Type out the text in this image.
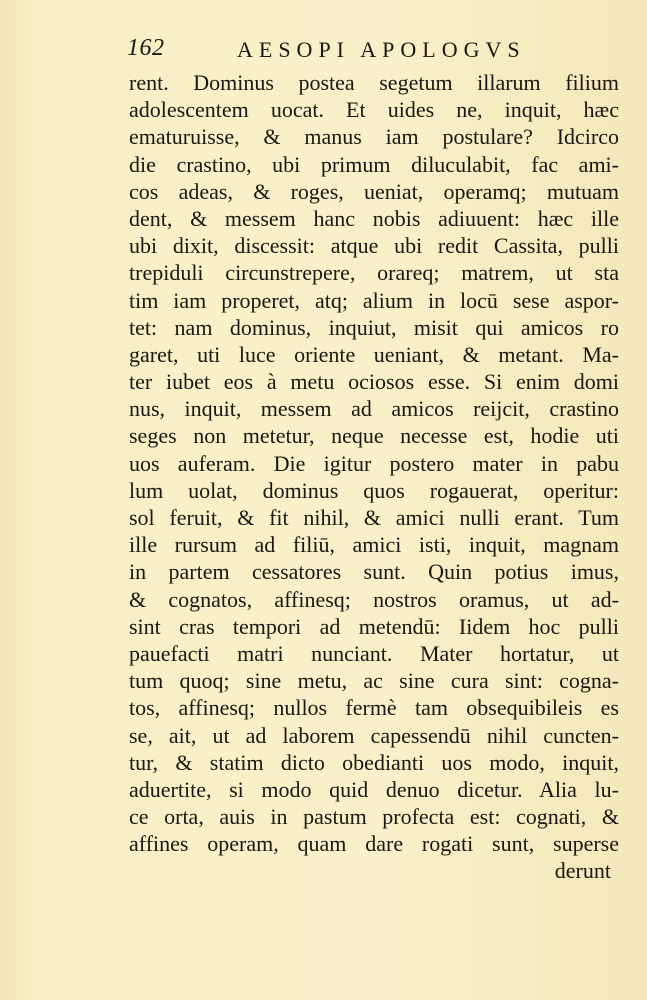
162	AESOPI APOLOGVS
rent. Dominus postea segetum illarum filium
adolescentem uocat. Et uides ne, inquit, hæc
ematuruisse, & manus iam postulare? Idcirco
die crastino, ubi primum diluculabit, fac ami-
cos adeas, & roges, ueniat, operamq; mutuam
dent, & messem hanc nobis adiuuent: hæc ille
ubi dixit, discessit: atque ubi redit Cassita, pulli
trepiduli circunstrepere, orareq; matrem, ut sta
tim iam properet, atq; alium in locū sese aspor-
tet: nam dominus, inquiut, misit qui amicos ro
garet, uti luce oriente ueniant, & metant. Ma-
ter iubet eos à metu ociosos esse. Si enim domi
nus, inquit, messem ad amicos reijcit, crastino
seges non metetur, neque necesse est, hodie uti
uos auferam. Die igitur postero mater in pabu
lum uolat, dominus quos rogauerat, operitur:
sol feruit, & fit nihil, & amici nulli erant. Tum
ille rursum ad filiū, amici isti, inquit, magnam
in partem cessatores sunt. Quin potius imus,
& cognatos, affinesq; nostros oramus, ut ad-
sint cras tempori ad metendū: Iidem hoc pulli
pauefacti matri nunciant. Mater hortatur, ut
tum quoq; sine metu, ac sine cura sint: cogna-
tos, affinesq; nullos fermè tam obsequibileis es
se, ait, ut ad laborem capessendū nihil cuncten-
tur, & statim dicto obedianti uos modo, inquit,
aduertite, si modo quid denuo dicetur. Alia lu-
ce orta, auis in pastum profecta est: cognati, &
affines operam, quam dare rogati sunt, superse
derunt
